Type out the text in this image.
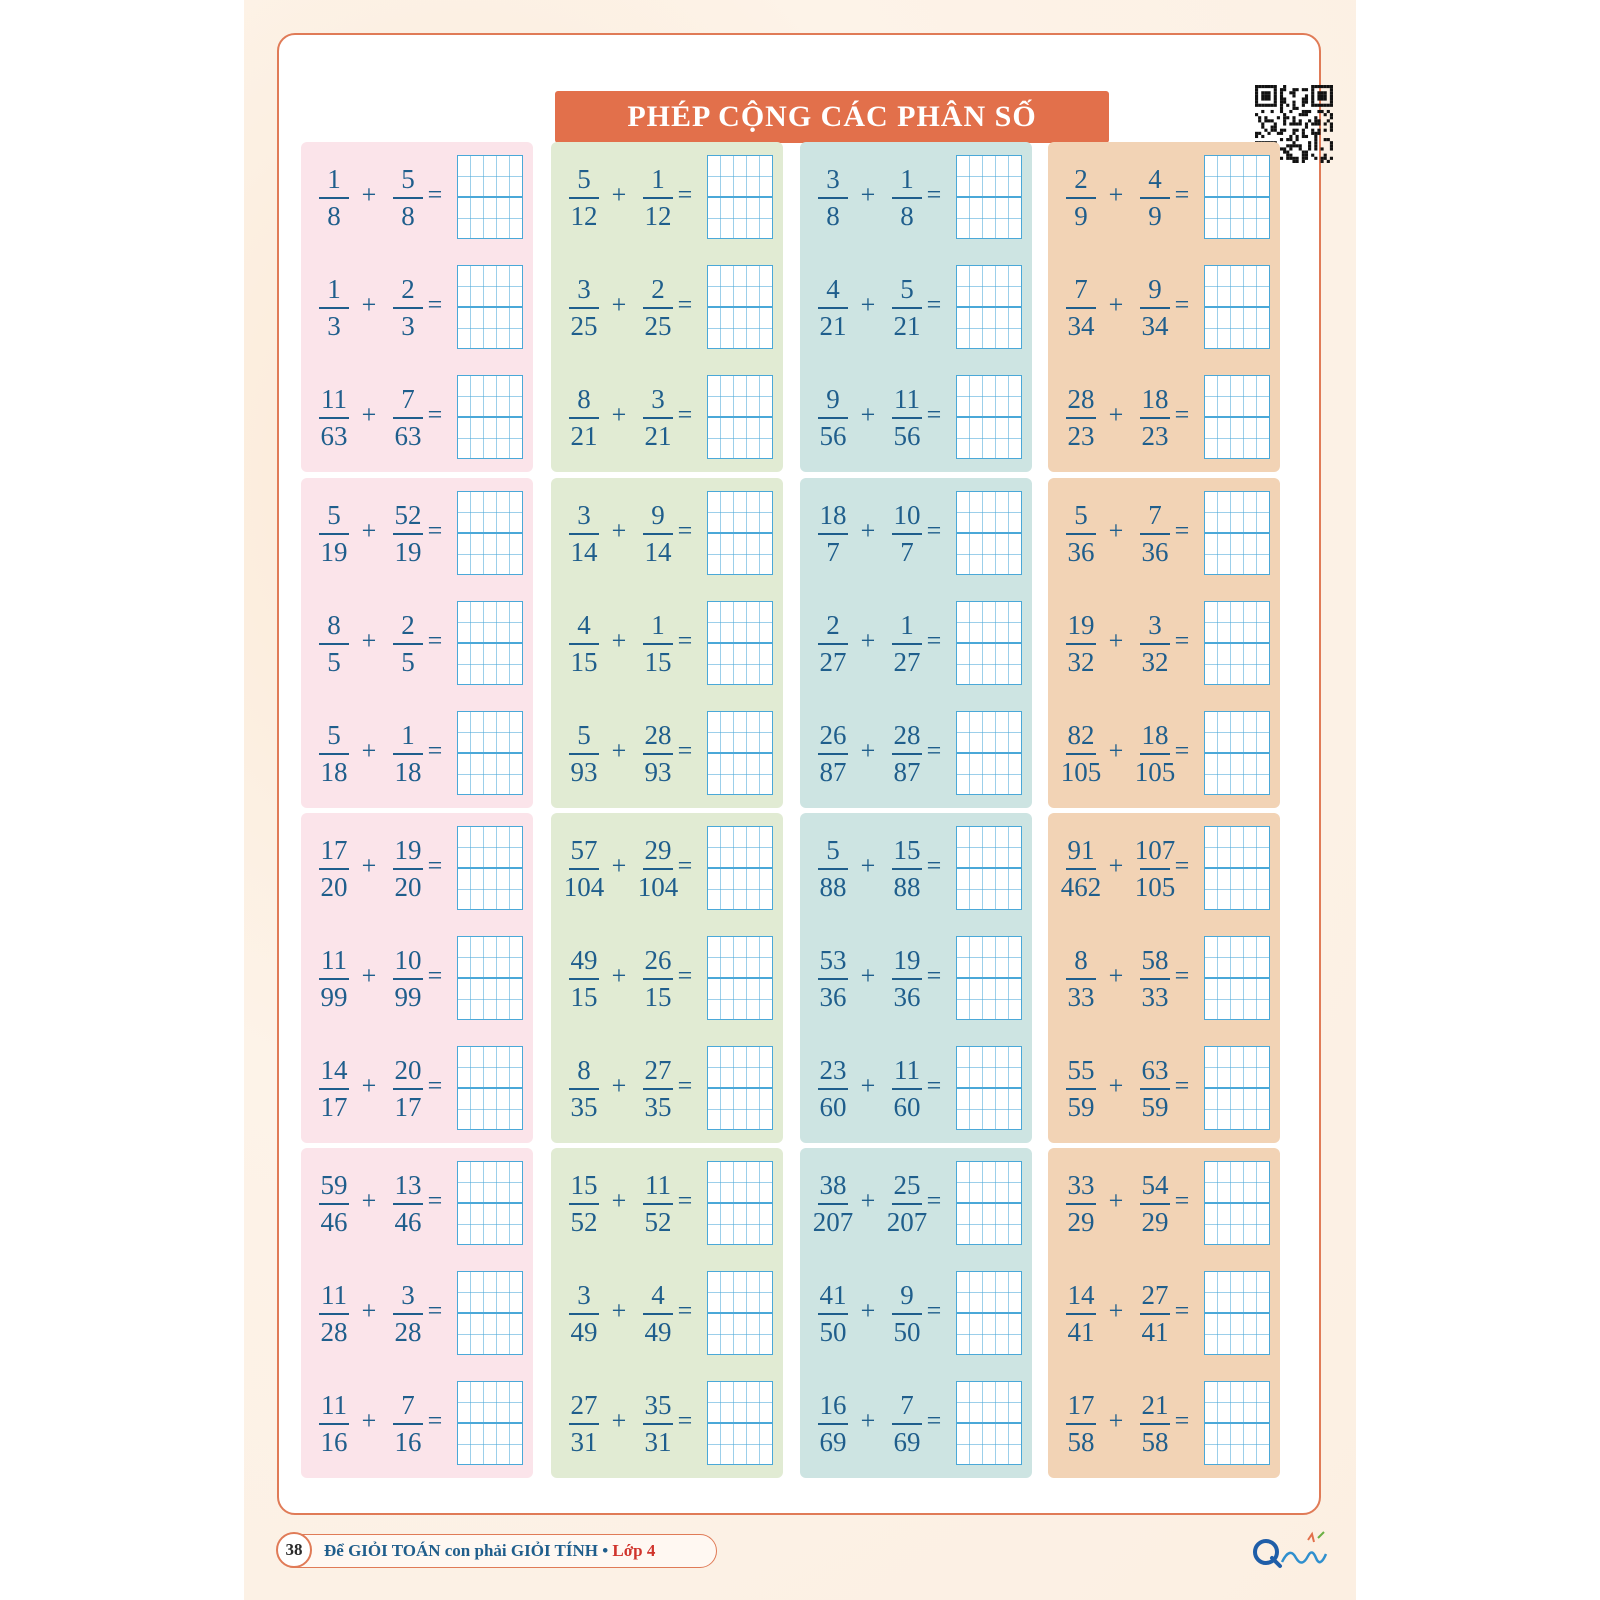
PHÉP CỘNG CÁC PHÂN SỐ
1
8
+
5
8
=
1
3
+
2
3
=
11
63
+
7
63
=
5
12
+
1
12
=
3
25
+
2
25
=
8
21
+
3
21
=
3
8
+
1
8
=
4
21
+
5
21
=
9
56
+
11
56
=
2
9
+
4
9
=
7
34
+
9
34
=
28
23
+
18
23
=
5
19
+
52
19
=
8
5
+
2
5
=
5
18
+
1
18
=
3
14
+
9
14
=
4
15
+
1
15
=
5
93
+
28
93
=
18
7
+
10
7
=
2
27
+
1
27
=
26
87
+
28
87
=
5
36
+
7
36
=
19
32
+
3
32
=
82
105
+
18
105
=
17
20
+
19
20
=
11
99
+
10
99
=
14
17
+
20
17
=
57
104
+
29
104
=
49
15
+
26
15
=
8
35
+
27
35
=
5
88
+
15
88
=
53
36
+
19
36
=
23
60
+
11
60
=
91
462
+
107
105
=
8
33
+
58
33
=
55
59
+
63
59
=
59
46
+
13
46
=
11
28
+
3
28
=
11
16
+
7
16
=
15
52
+
11
52
=
3
49
+
4
49
=
27
31
+
35
31
=
38
207
+
25
207
=
41
50
+
9
50
=
16
69
+
7
69
=
33
29
+
54
29
=
14
41
+
27
41
=
17
58
+
21
58
=
38	Để GIỎI TOÁN con phải GIỎI TÍNH • Lớp 4
